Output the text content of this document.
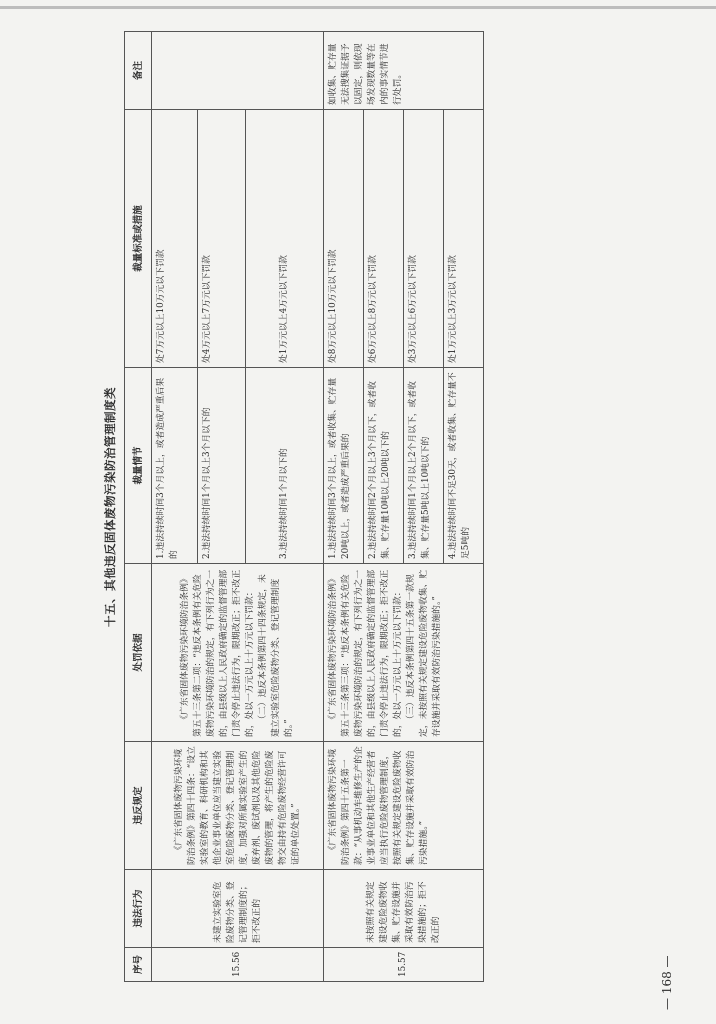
十五、其他违反固体废物污染防治管理制度类
序号	违法行为	违反规定	处罚依据	裁量情节	裁量标准或措施	备注
15.56	未建立实验室危险废物分类、登记管理制度的；拒不改正的	《广东省固体废物污染环境防治条例》第四十四条：“设立实验室的教育、科研机构和其他企业事业单位应当建立实验室危险废物分类、登记管理制度，加强对所属实验室产生的废弃剂、废试剂以及其他危险废物的管理，将产生的危险废物交由持有危险废物经营许可证的单位处置。”	《广东省固体废物污染环境防治条例》第五十三条第二项：“违反本条例有关危险废物污染环境防治的规定，有下列行为之一的，由县级以上人民政府确定的监督管理部门责令停止违法行为，限期改正；拒不改正的，处以一万元以上十万元以下罚款： （二）违反本条例第四十四条规定，未建立实验室危险废物分类、登记管理制度的。”	1.违法持续时间3个月以上，或者造成严重后果的	处7万元以上10万元以下罚款	
				2.违法持续时间1个月以上3个月以下的	处4万元以上7万元以下罚款	
				3.违法持续时间1个月以下的	处1万元以上4万元以下罚款	
15.57	未按照有关规定建设危险废物收集、贮存设施并采取有效防治污染措施的；拒不改正的	《广东省固体废物污染环境防治条例》第四十五条第一款：“从事机动车维修生产的企业事业单位和其他生产经营者应当执行危险废物管理制度，按照有关规定建设危险废物收集、贮存设施并采取有效防治污染措施。”	《广东省固体废物污染环境防治条例》第五十三条第三项：“违反本条例有关危险废物污染环境防治的规定，有下列行为之一的，由县级以上人民政府确定的监督管理部门责令停止违法行为，限期改正；拒不改正的，处以一万元以上十万元以下罚款： （三）违反本条例第四十五条第一款规定，未按照有关规定建设危险废物收集、贮存设施并采取有效防治污染措施的。”	1.违法持续时间3个月以上，或者收集、贮存量20吨以上，或者造成严重后果的	处8万元以上10万元以下罚款	如收集、贮存量无法搜集证据予以固定，则依现场发现数量等在内的事实情节进行处罚。
				2.违法持续时间2个月以上3个月以下，或者收集、贮存量10吨以上20吨以下的	处6万元以上8万元以下罚款	
				3.违法持续时间1个月以上2个月以下，或者收集、贮存量5吨以上10吨以下的	处3万元以上6万元以下罚款	
				4.违法持续时间不足30天，或者收集、贮存量不足5吨的	处1万元以上3万元以下罚款	
— 168 —
